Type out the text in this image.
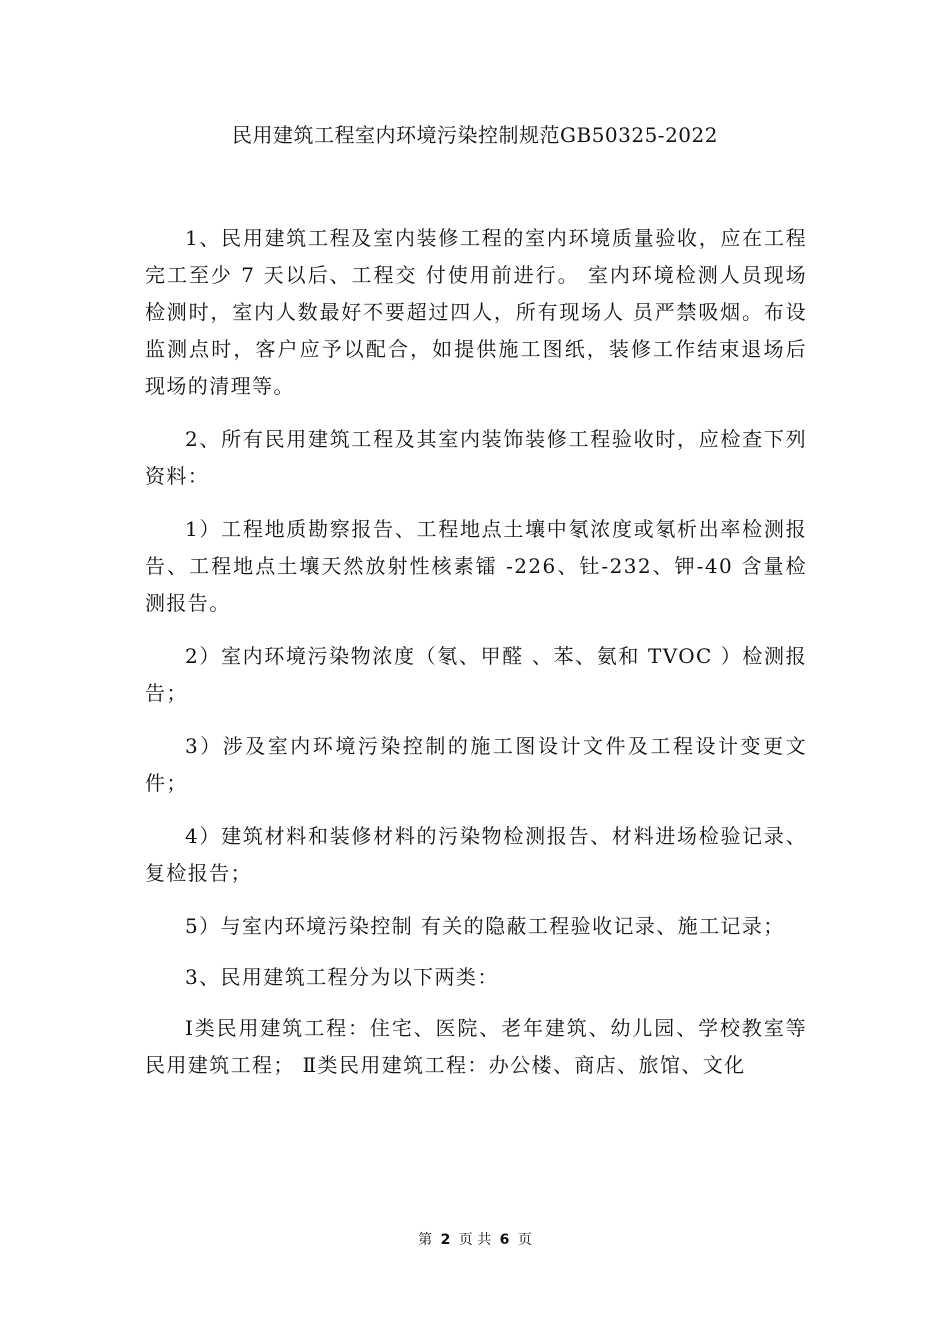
民用建筑工程室内环境污染控制规范GB50325-2022

1、民用建筑工程及室内装修工程的室内环境质量验收，应在工程完工至少 7 天以后、工程交 付使用前进行。 室内环境检测人员现场检测时，室内人数最好不要超过四人，所有现场人 员严禁吸烟。布设监测点时，客户应予以配合，如提供施工图纸，装修工作结束退场后现场的清理等。

2、所有民用建筑工程及其室内装饰装修工程验收时，应检查下列资料：

1）工程地质勘察报告、工程地点土壤中氡浓度或氡析出率检测报告、工程地点土壤天然放射性核素镭 -226、钍-232、钾-40 含量检测报告。

2）室内环境污染物浓度（氡、甲醛 、苯、氨和 TVOC ）检测报告；

3）涉及室内环境污染控制的施工图设计文件及工程设计变更文件；

4）建筑材料和装修材料的污染物检测报告、材料进场检验记录、复检报告；

5）与室内环境污染控制 有关的隐蔽工程验收记录、施工记录；

3、民用建筑工程分为以下两类：

Ⅰ类民用建筑工程：住宅、医院、老年建筑、幼儿园、学校教室等民用建筑工程； Ⅱ类民用建筑工程：办公楼、商店、旅馆、文化

第 2 页 共 6 页
